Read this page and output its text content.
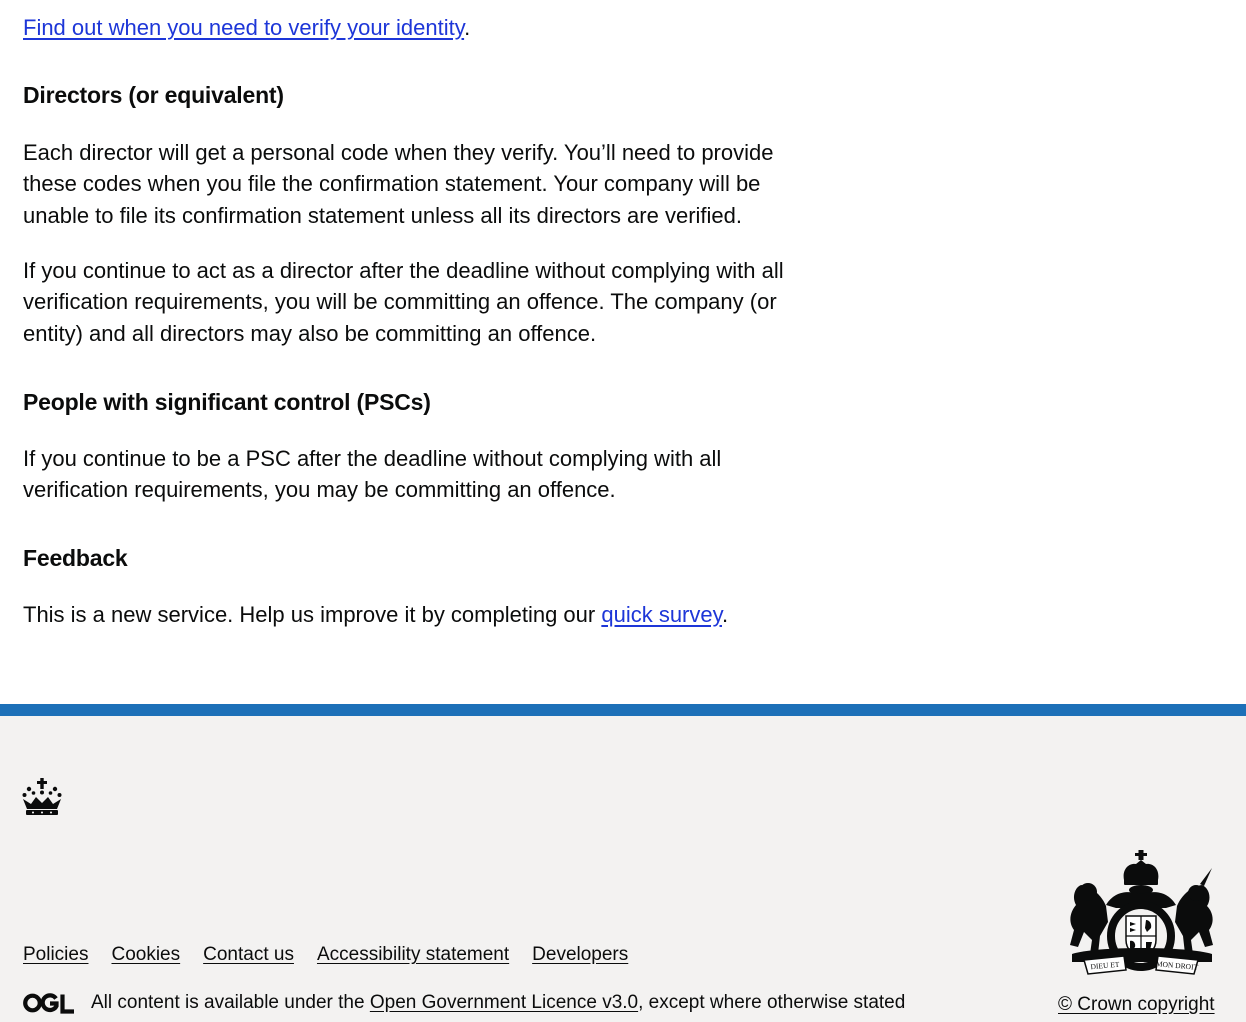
Find out when you need to verify your identity.

Directors (or equivalent)

Each director will get a personal code when they verify. You’ll need to provide these codes when you file the confirmation statement. Your company will be unable to file its confirmation statement unless all its directors are verified.

If you continue to act as a director after the deadline without complying with all verification requirements, you will be committing an offence. The company (or entity) and all directors may also be committing an offence.

People with significant control (PSCs)

If you continue to be a PSC after the deadline without complying with all verification requirements, you may be committing an offence.

Feedback

This is a new service. Help us improve it by completing our quick survey.

Policies Cookies Contact us Accessibility statement Developers
All content is available under the Open Government Licence v3.0 , except where otherwise stated
DIEU ET	MON DROIT
© Crown copyright
